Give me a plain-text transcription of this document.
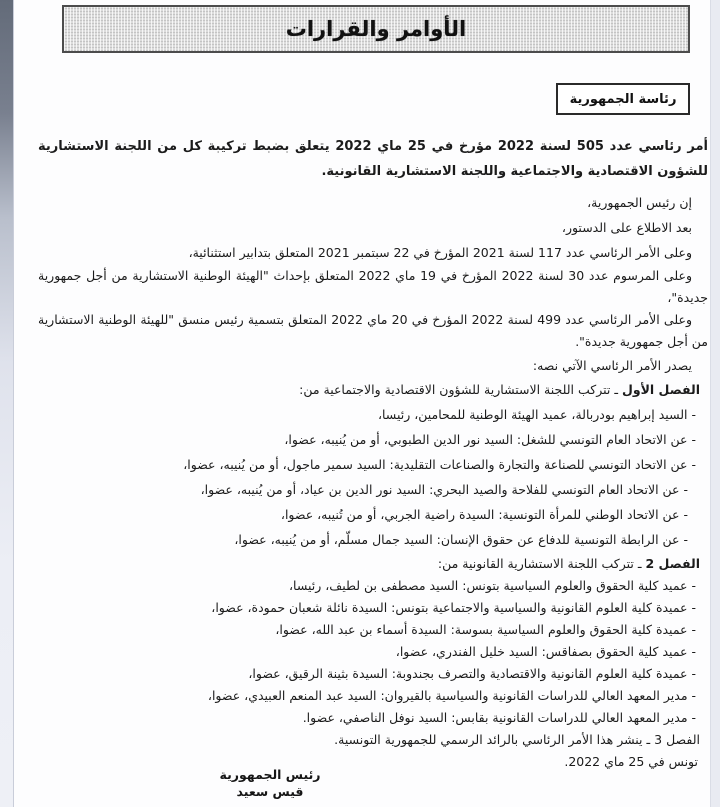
الأوامر والقرارات
رئاسة الجمهورية

أمر رئاسي عدد 505 لسنة 2022 مؤرخ في 25 ماي 2022 يتعلق بضبط تركيبة كل من اللجنة الاستشارية للشؤون الاقتصادية والاجتماعية واللجنة الاستشارية القانونية.

إن رئيس الجمهورية،

بعد الاطلاع على الدستور،

وعلى الأمر الرئاسي عدد 117 لسنة 2021 المؤرخ في 22 سبتمبر 2021 المتعلق بتدابير استثنائية،

وعلى المرسوم عدد 30 لسنة 2022 المؤرخ في 19 ماي 2022 المتعلق بإحداث "الهيئة الوطنية الاستشارية من أجل جمهورية جديدة"،

وعلى الأمر الرئاسي عدد 499 لسنة 2022 المؤرخ في 20 ماي 2022 المتعلق بتسمية رئيس منسق "للهيئة الوطنية الاستشارية من أجل جمهورية جديدة".

يصدر الأمر الرئاسي الآتي نصه:

الفصل الأول ـ تتركب اللجنة الاستشارية للشؤون الاقتصادية والاجتماعية من:

- السيد إبراهيم بودربالة، عميد الهيئة الوطنية للمحامين، رئيسا،

- عن الاتحاد العام التونسي للشغل: السيد نور الدين الطبوبي، أو من يُنيبه، عضوا،

- عن الاتحاد التونسي للصناعة والتجارة والصناعات التقليدية: السيد سمير ماجول، أو من يُنيبه، عضوا،

- عن الاتحاد العام التونسي للفلاحة والصيد البحري: السيد نور الدين بن عياد، أو من يُنيبه، عضوا،

- عن الاتحاد الوطني للمرأة التونسية: السيدة راضية الجربي، أو من تُنيبه، عضوا،

- عن الرابطة التونسية للدفاع عن حقوق الإنسان: السيد جمال مسلّم، أو من يُنيبه، عضوا،

الفصل 2 ـ تتركب اللجنة الاستشارية القانونية من:

- عميد كلية الحقوق والعلوم السياسية بتونس: السيد مصطفى بن لطيف، رئيسا،

- عميدة كلية العلوم القانونية والسياسية والاجتماعية بتونس: السيدة نائلة شعبان حمودة، عضوا،

- عميدة كلية الحقوق والعلوم السياسية بسوسة: السيدة أسماء بن عبد الله، عضوا،

- عميد كلية الحقوق بصفاقس: السيد خليل الفندري، عضوا،

- عميدة كلية العلوم القانونية والاقتصادية والتصرف بجندوبة: السيدة بثينة الرقيق، عضوا،

- مدير المعهد العالي للدراسات القانونية والسياسية بالقيروان: السيد عبد المنعم العبيدي، عضوا،

- مدير المعهد العالي للدراسات القانونية بقابس: السيد نوفل الناصفي، عضوا.

الفصل 3 ـ ينشر هذا الأمر الرئاسي بالرائد الرسمي للجمهورية التونسية.

تونس في 25 ماي 2022.

رئيس الجمهورية
قيس سعيد
